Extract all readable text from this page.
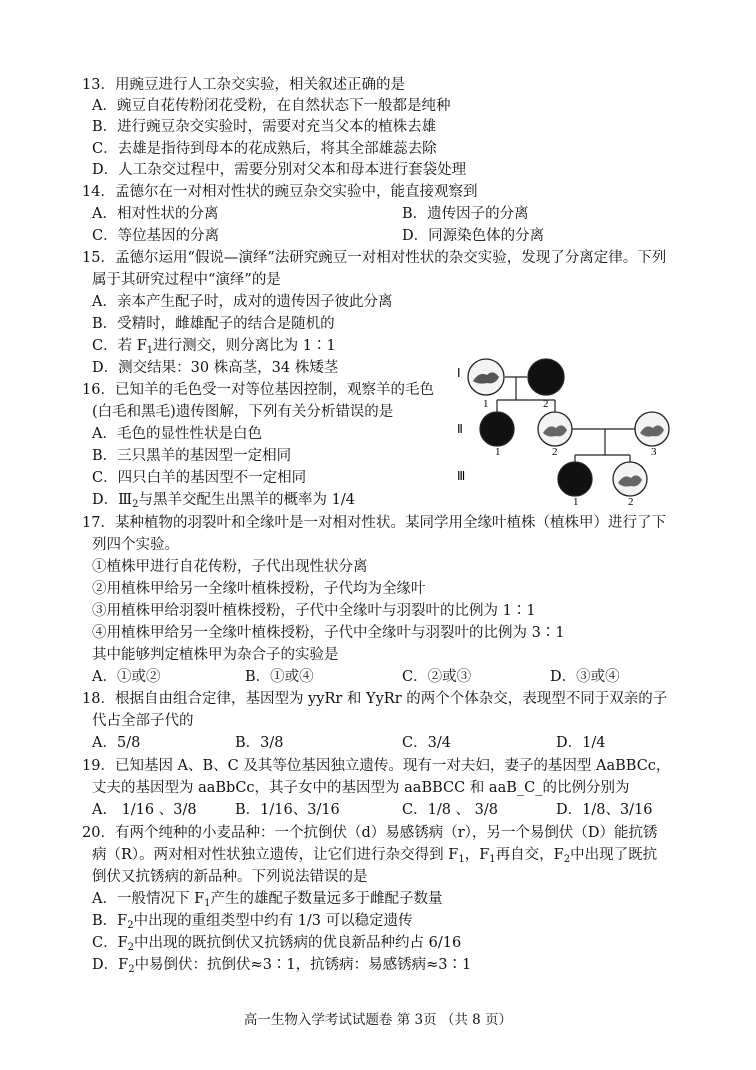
13．用豌豆进行人工杂交实验，相关叙述正确的是
A．豌豆自花传粉闭花受粉，在自然状态下一般都是纯种
B．进行豌豆杂交实验时，需要对充当父本的植株去雄
C．去雄是指待到母本的花成熟后，将其全部雄蕊去除
D．人工杂交过程中，需要分别对父本和母本进行套袋处理
14．孟德尔在一对相对性状的豌豆杂交实验中，能直接观察到
A．相对性状的分离	B．遗传因子的分离
C．等位基因的分离	D．同源染色体的分离
15．孟德尔运用“假说—演绎”法研究豌豆一对相对性状的杂交实验，发现了分离定律。下列
属于其研究过程中“演绎”的是
A．亲本产生配子时，成对的遗传因子彼此分离
B．受精时，雌雄配子的结合是随机的
C．若 $F_1$进行测交，则分离比为 1∶1
D．测交结果：30 株高茎，34 株矮茎
16．已知羊的毛色受一对等位基因控制，观察羊的毛色
(白毛和黑毛)遗传图解，下列有关分析错误的是
A．毛色的显性性状是白色
B．三只黑羊的基因型一定相同
C．四只白羊的基因型不一定相同
D．$Ⅲ_2$与黑羊交配生出黑羊的概率为 1/4
Ⅰ
Ⅱ
Ⅲ
1	2
1	2	3
1	2
17．某种植物的羽裂叶和全缘叶是一对相对性状。某同学用全缘叶植株（植株甲）进行了下
列四个实验。
①植株甲进行自花传粉，子代出现性状分离
②用植株甲给另一全缘叶植株授粉，子代均为全缘叶
③用植株甲给羽裂叶植株授粉，子代中全缘叶与羽裂叶的比例为 1∶1
④用植株甲给另一全缘叶植株授粉，子代中全缘叶与羽裂叶的比例为 3∶1
其中能够判定植株甲为杂合子的实验是
A．①或②	B．①或④	C．②或③	D．③或④
18．根据自由组合定律，基因型为 yyRr 和 YyRr 的两个个体杂交，表现型不同于双亲的子
代占全部子代的
A．5/8	B．3/8	C．3/4	D．1/4
19．已知基因 A、B、C 及其等位基因独立遗传。现有一对夫妇，妻子的基因型 AaBBCc，
丈夫的基因型为 aaBbCc，其子女中的基因型为 aaBBCC 和 aaB_C_的比例分别为
A.　1/16 、3/8	B．1/16、3/16	C．1/8 、 3/8	D．1/8、3/16
20．有两个纯种的小麦品种：一个抗倒伏（d）易感锈病（r），另一个易倒伏（D）能抗锈
病（R）。两对相对性状独立遗传，让它们进行杂交得到 $F_1$，$F_1$再自交，$F_2$中出现了既抗
倒伏又抗锈病的新品种。下列说法错误的是
A．一般情况下 $F_1$产生的雄配子数量远多于雌配子数量
B．$F_2$中出现的重组类型中约有 1/3 可以稳定遗传
C．$F_2$中出现的既抗倒伏又抗锈病的优良新品种约占 6/16
D．$F_2$中易倒伏：抗倒伏≈3∶1，抗锈病：易感锈病≈3∶1
高一生物入学考试试题卷 第 3页 （共 8 页）
